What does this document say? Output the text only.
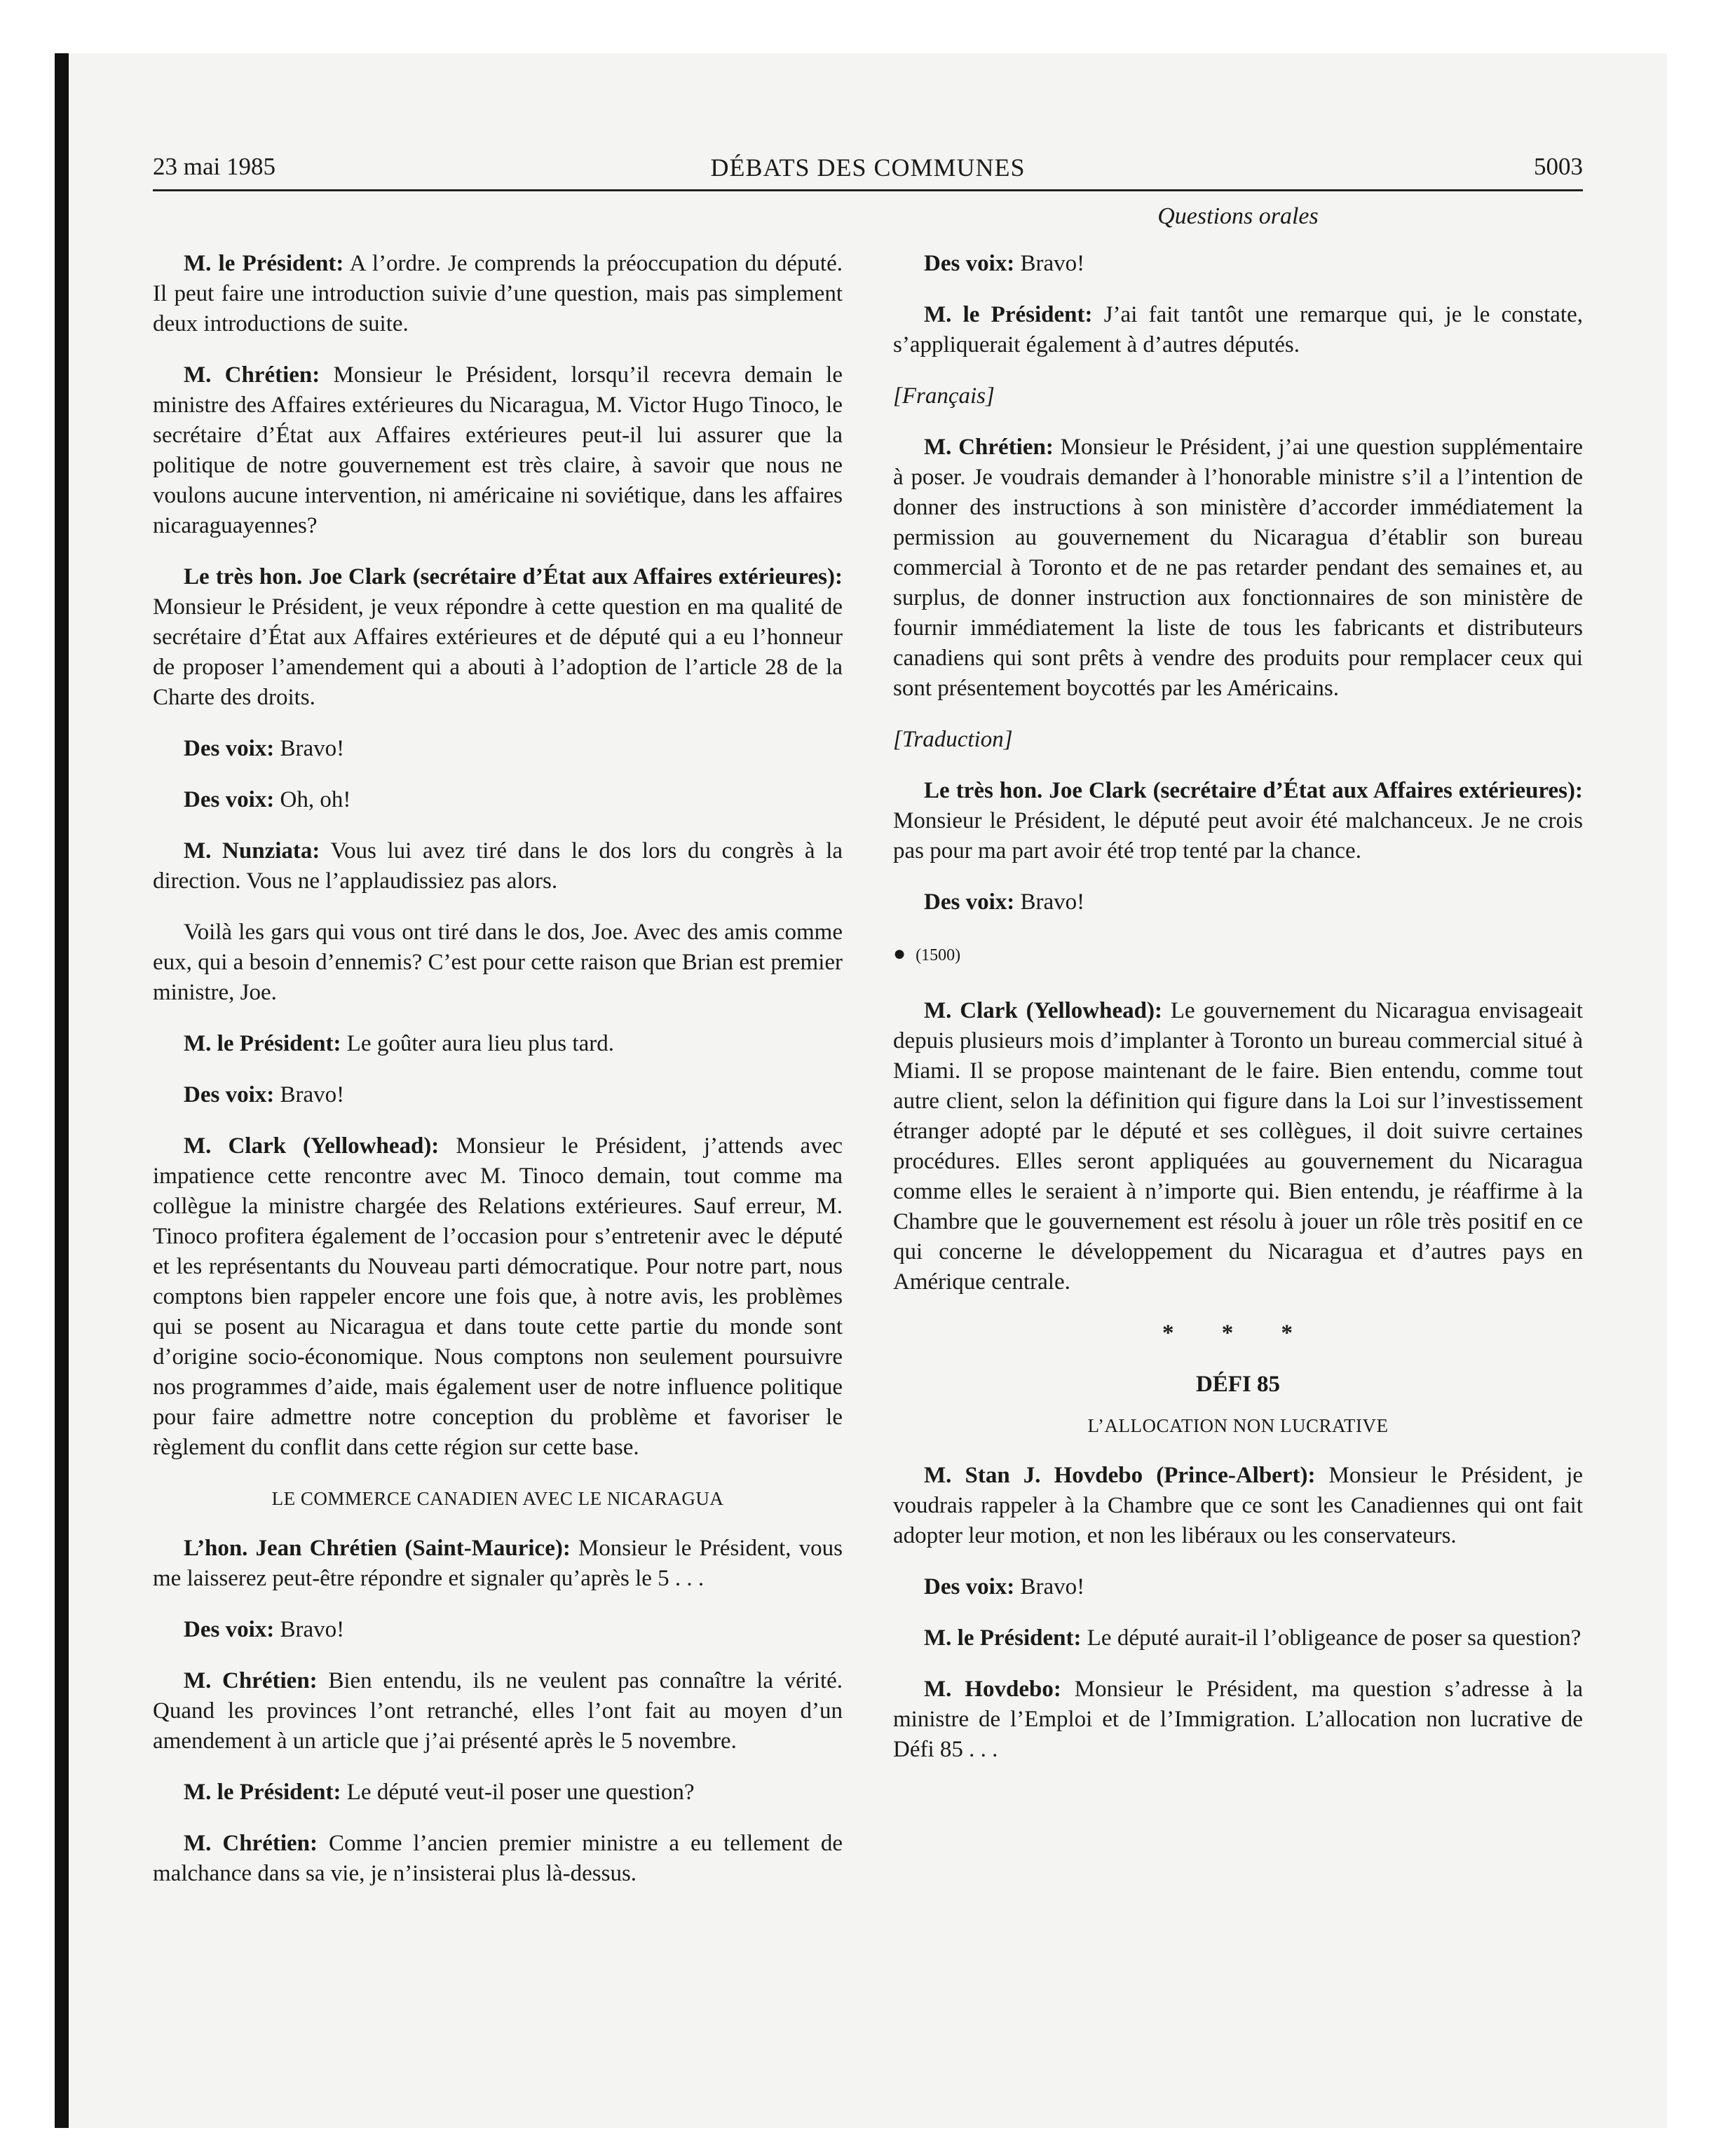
23 mai 1985	DÉBATS DES COMMUNES	5003
Questions orales

M. le Président: A l’ordre. Je comprends la préoccupation du député. Il peut faire une introduction suivie d’une question, mais pas simplement deux introductions de suite.

M. Chrétien: Monsieur le Président, lorsqu’il recevra demain le ministre des Affaires extérieures du Nicaragua, M. Victor Hugo Tinoco, le secrétaire d’État aux Affaires extérieures peut-il lui assurer que la politique de notre gouvernement est très claire, à savoir que nous ne voulons aucune intervention, ni américaine ni soviétique, dans les affaires nicaraguayennes?

Le très hon. Joe Clark (secrétaire d’État aux Affaires extérieures): Monsieur le Président, je veux répondre à cette question en ma qualité de secrétaire d’État aux Affaires extérieures et de député qui a eu l’honneur de proposer l’amendement qui a abouti à l’adoption de l’article 28 de la Charte des droits.

Des voix: Bravo!

Des voix: Oh, oh!

M. Nunziata: Vous lui avez tiré dans le dos lors du congrès à la direction. Vous ne l’applaudissiez pas alors.

Voilà les gars qui vous ont tiré dans le dos, Joe. Avec des amis comme eux, qui a besoin d’ennemis? C’est pour cette raison que Brian est premier ministre, Joe.

M. le Président: Le goûter aura lieu plus tard.

Des voix: Bravo!

M. Clark (Yellowhead): Monsieur le Président, j’attends avec impatience cette rencontre avec M. Tinoco demain, tout comme ma collègue la ministre chargée des Relations extérieures. Sauf erreur, M. Tinoco profitera également de l’occasion pour s’entretenir avec le député et les représentants du Nouveau parti démocratique. Pour notre part, nous comptons bien rappeler encore une fois que, à notre avis, les problèmes qui se posent au Nicaragua et dans toute cette partie du monde sont d’origine socio-économique. Nous comptons non seulement poursuivre nos programmes d’aide, mais également user de notre influence politique pour faire admettre notre conception du problème et favoriser le règlement du conflit dans cette région sur cette base.

LE COMMERCE CANADIEN AVEC LE NICARAGUA

L’hon. Jean Chrétien (Saint-Maurice): Monsieur le Président, vous me laisserez peut-être répondre et signaler qu’après le 5 . . .

Des voix: Bravo!

M. Chrétien: Bien entendu, ils ne veulent pas connaître la vérité. Quand les provinces l’ont retranché, elles l’ont fait au moyen d’un amendement à un article que j’ai présenté après le 5 novembre.

M. le Président: Le député veut-il poser une question?

M. Chrétien: Comme l’ancien premier ministre a eu tellement de malchance dans sa vie, je n’insisterai plus là-dessus.

Des voix: Bravo!

M. le Président: J’ai fait tantôt une remarque qui, je le constate, s’appliquerait également à d’autres députés.

[Français]

M. Chrétien: Monsieur le Président, j’ai une question supplémentaire à poser. Je voudrais demander à l’honorable ministre s’il a l’intention de donner des instructions à son ministère d’accorder immédiatement la permission au gouvernement du Nicaragua d’établir son bureau commercial à Toronto et de ne pas retarder pendant des semaines et, au surplus, de donner instruction aux fonctionnaires de son ministère de fournir immédiatement la liste de tous les fabricants et distributeurs canadiens qui sont prêts à vendre des produits pour remplacer ceux qui sont présentement boycottés par les Américains.

[Traduction]

Le très hon. Joe Clark (secrétaire d’État aux Affaires extérieures): Monsieur le Président, le député peut avoir été malchanceux. Je ne crois pas pour ma part avoir été trop tenté par la chance.

Des voix: Bravo!

● (1500)

M. Clark (Yellowhead): Le gouvernement du Nicaragua envisageait depuis plusieurs mois d’implanter à Toronto un bureau commercial situé à Miami. Il se propose maintenant de le faire. Bien entendu, comme tout autre client, selon la définition qui figure dans la Loi sur l’investissement étranger adopté par le député et ses collègues, il doit suivre certaines procédures. Elles seront appliquées au gouvernement du Nicaragua comme elles le seraient à n’importe qui. Bien entendu, je réaffirme à la Chambre que le gouvernement est résolu à jouer un rôle très positif en ce qui concerne le développement du Nicaragua et d’autres pays en Amérique centrale.

* * *

DÉFI 85

L’ALLOCATION NON LUCRATIVE

M. Stan J. Hovdebo (Prince-Albert): Monsieur le Président, je voudrais rappeler à la Chambre que ce sont les Canadiennes qui ont fait adopter leur motion, et non les libéraux ou les conservateurs.

Des voix: Bravo!

M. le Président: Le député aurait-il l’obligeance de poser sa question?

M. Hovdebo: Monsieur le Président, ma question s’adresse à la ministre de l’Emploi et de l’Immigration. L’allocation non lucrative de Défi 85 . . .
